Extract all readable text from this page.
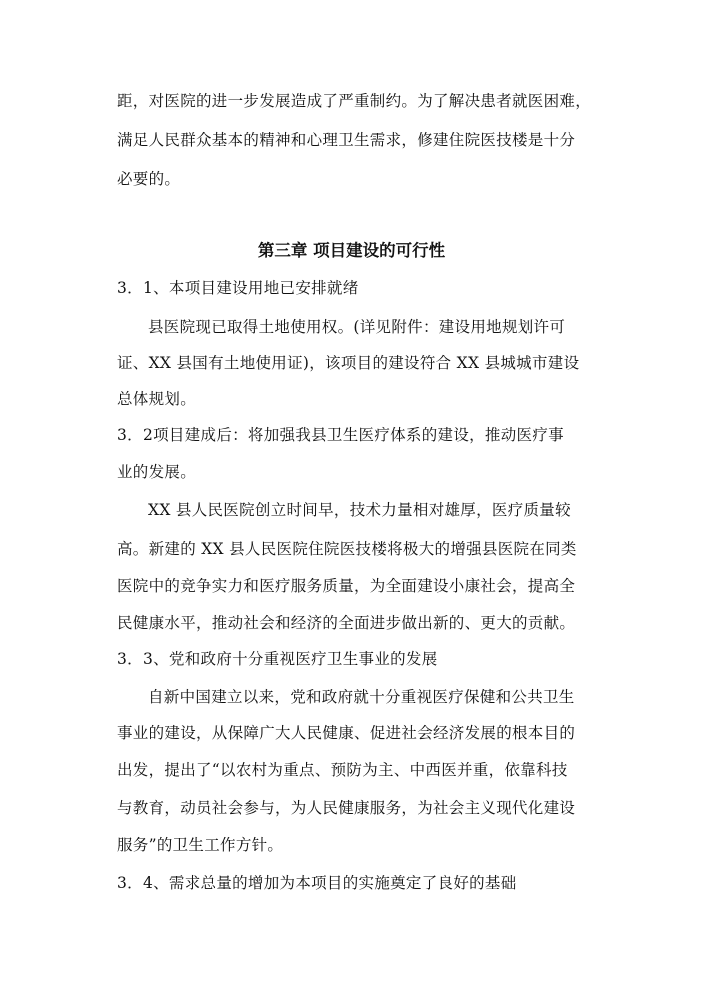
距，对医院的进一步发展造成了严重制约。为了解决患者就医困难，
满足人民群众基本的精神和心理卫生需求，修建住院医技楼是十分
必要的。
第三章 项目建设的可行性
3．1、本项目建设用地已安排就绪
县医院现已取得土地使用权。(详见附件：建设用地规划许可
证、XX 县国有土地使用证)，该项目的建设符合 XX 县城城市建设
总体规划。
3．2项目建成后：将加强我县卫生医疗体系的建设，推动医疗事
业的发展。
XX 县人民医院创立时间早，技术力量相对雄厚，医疗质量较
高。新建的 XX 县人民医院住院医技楼将极大的增强县医院在同类
医院中的竞争实力和医疗服务质量，为全面建设小康社会，提高全
民健康水平，推动社会和经济的全面进步做出新的、更大的贡献。
3．3、党和政府十分重视医疗卫生事业的发展
自新中国建立以来，党和政府就十分重视医疗保健和公共卫生
事业的建设，从保障广大人民健康、促进社会经济发展的根本目的
出发，提出了“以农村为重点、预防为主、中西医并重，依靠科技
与教育，动员社会参与，为人民健康服务，为社会主义现代化建设
服务”的卫生工作方针。
3．4、需求总量的增加为本项目的实施奠定了良好的基础
